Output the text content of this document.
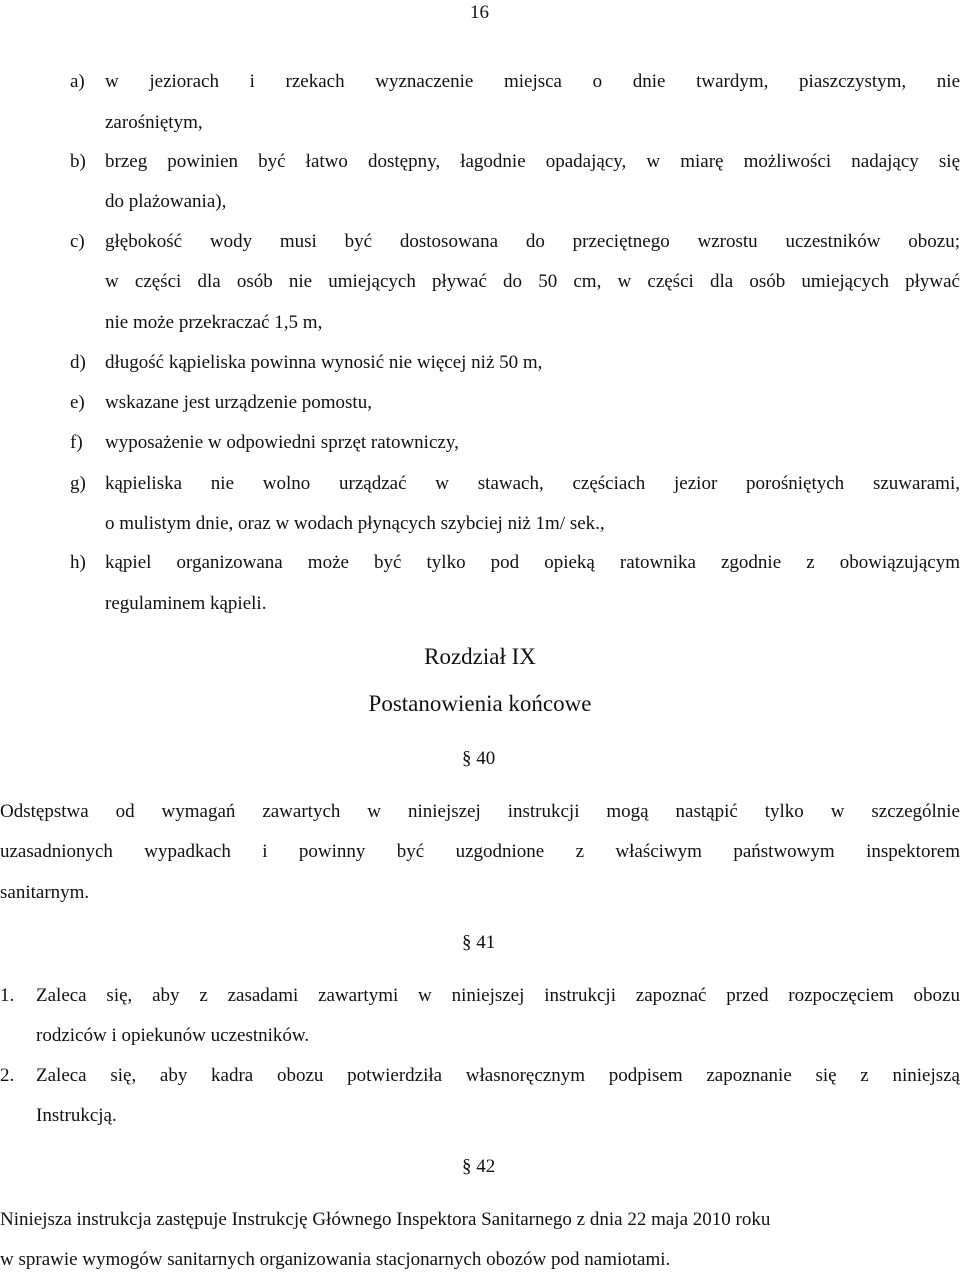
16
a) w jeziorach i rzekach wyznaczenie miejsca o dnie twardym, piaszczystym, nie
zarośniętym,
b) brzeg powinien być łatwo dostępny, łagodnie opadający, w miarę możliwości nadający się
do plażowania),
c) głębokość wody musi być dostosowana do przeciętnego wzrostu uczestników obozu;
w części dla osób nie umiejących pływać do 50 cm, w części dla osób umiejących pływać
nie może przekraczać 1,5 m,
d) długość kąpieliska powinna wynosić nie więcej niż 50 m,
e) wskazane jest urządzenie pomostu,
f) wyposażenie w odpowiedni sprzęt ratowniczy,
g) kąpieliska nie wolno urządzać w stawach, częściach jezior porośniętych szuwarami,
o mulistym dnie, oraz w wodach płynących szybciej niż 1m/ sek.,
h) kąpiel organizowana może być tylko pod opieką ratownika zgodnie z obowiązującym
regulaminem kąpieli.
Rozdział IX
Postanowienia końcowe
§ 40
Odstępstwa od wymagań zawartych w niniejszej instrukcji mogą nastąpić tylko w szczególnie
uzasadnionych wypadkach i powinny być uzgodnione z właściwym państwowym inspektorem
sanitarnym.
§ 41
1. Zaleca się, aby z zasadami zawartymi w niniejszej instrukcji zapoznać przed rozpoczęciem obozu
rodziców i opiekunów uczestników.
2. Zaleca się, aby kadra obozu potwierdziła własnoręcznym podpisem zapoznanie się z niniejszą
Instrukcją.
§ 42
Niniejsza instrukcja zastępuje Instrukcję Głównego Inspektora Sanitarnego z dnia 22 maja 2010 roku
w sprawie wymogów sanitarnych organizowania stacjonarnych obozów pod namiotami.
